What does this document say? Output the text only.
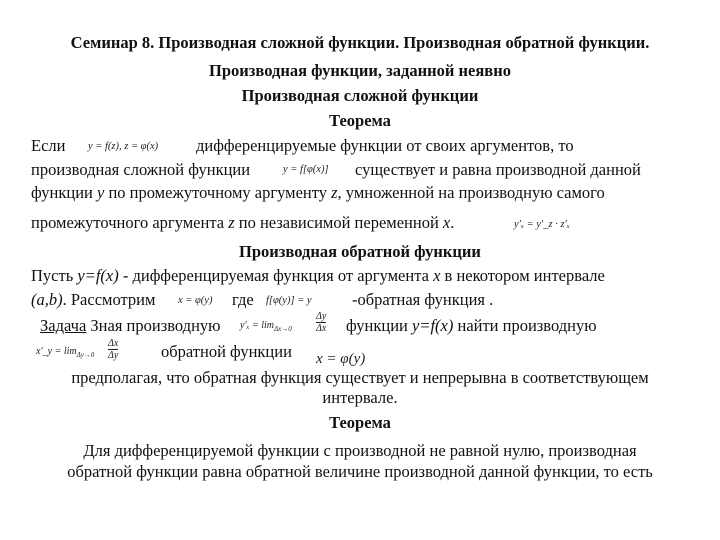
Семинар 8. Производная сложной функции. Производная обратной функции.
Производная функции, заданной неявно
Производная сложной функции
Теорема
Если y = f(z), z = φ(x) дифференцируемые функции от своих аргументов, то
производная сложной функции	y = f[φ(x)] существует и равна производной данной
функции y по промежуточному аргументу z, умноженной на производную самого
промежуточного аргумента z по независимой переменной x.	y′ₓ = y′_z · z′ₓ
Производная обратной функции
Пусть y=f(x) - дифференцируемая функция от аргумента x в некотором интервале
(a,b). Рассмотрим x = φ(y) где f[φ(y)] = y -обратная функция .
Задача Зная производную $y'_x = \lim_{\Delta x\to 0}$
Δy
Δx функции y=f(x) найти производную
x′_y = $\lim_{\Delta y\to 0}$
Δx
Δy	обратной функции x = φ(y)
предполагая, что обратная функция существует и непрерывна в соответствующем
интервале.
Теорема
Для дифференцируемой функции с производной не равной нулю, производная
обратной функции равна обратной величине производной данной функции, то есть
